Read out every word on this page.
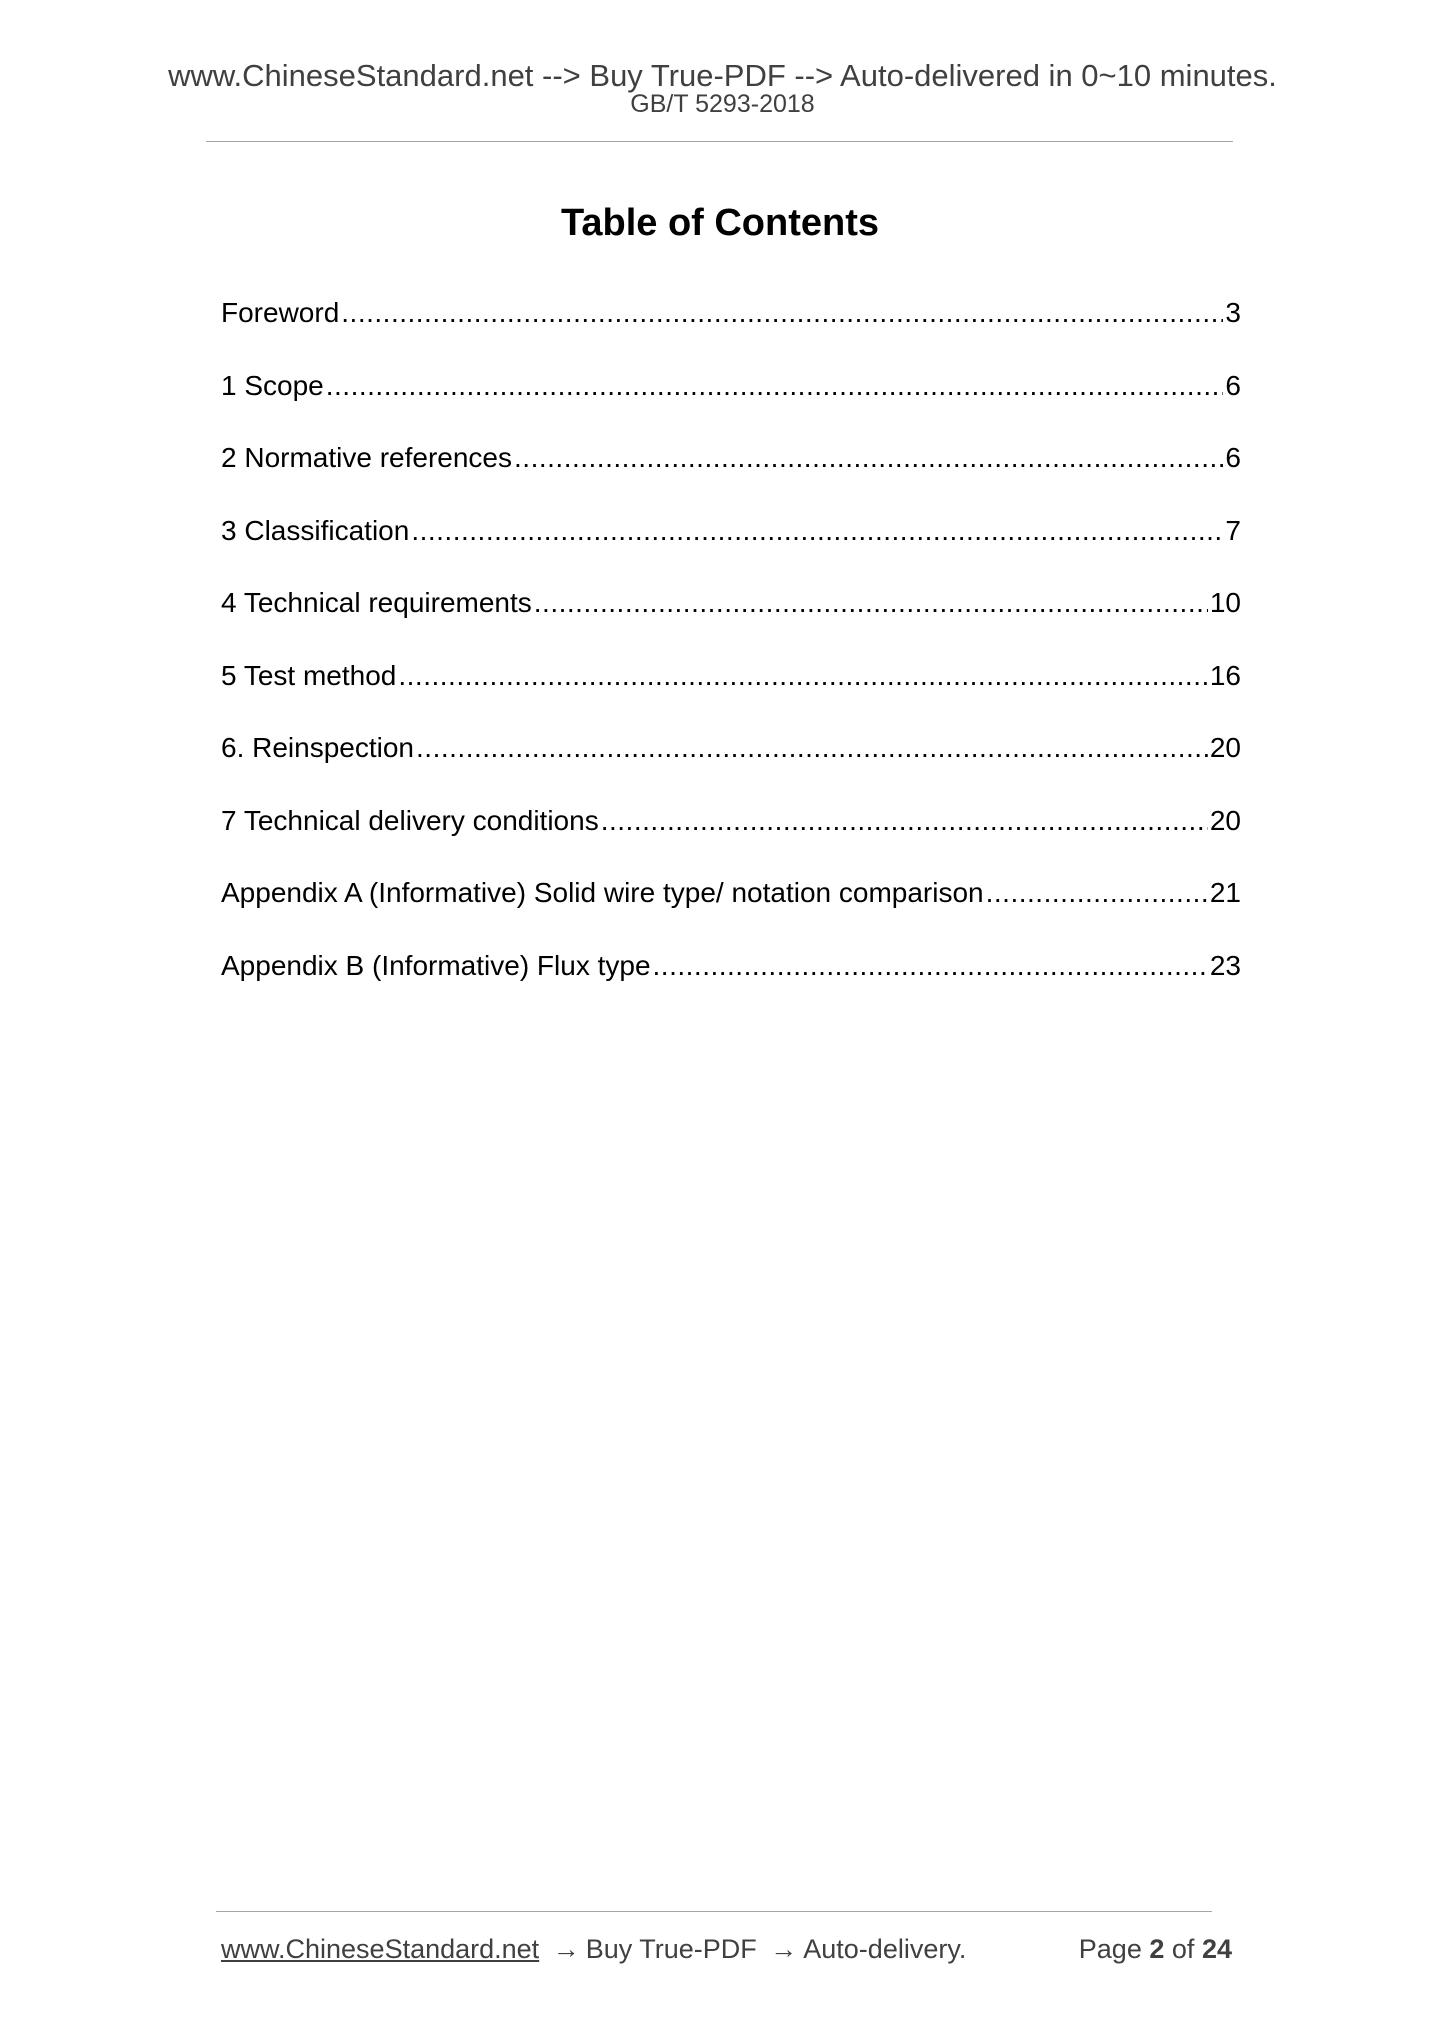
www.ChineseStandard.net --> Buy True-PDF --> Auto-delivered in 0~10 minutes.
GB/T 5293-2018
Table of Contents
Foreword .....	3
1 Scope .....	6
2 Normative references .....	6
3 Classification .....	7
4 Technical requirements .....	10
5 Test method .....	16
6. Reinspection .....	20
7 Technical delivery conditions .....	20
Appendix A (Informative) Solid wire type/ notation comparison .....	21
Appendix B (Informative) Flux type .....	23
www.ChineseStandard.net → Buy True-PDF → Auto-delivery.	Page 2 of 24
